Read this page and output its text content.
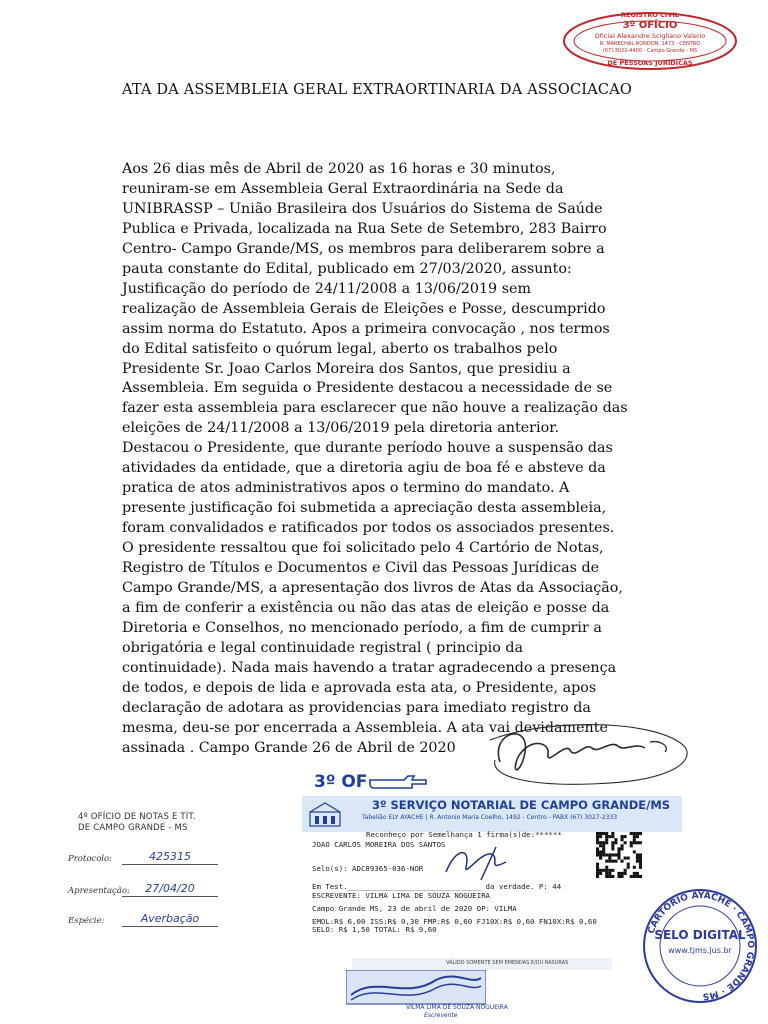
ATA DA ASSEMBLEIA GERAL EXTRAORTINARIA DA ASSOCIACAO
Aos 26 dias mês de Abril de 2020 as 16 horas e 30 minutos,
reuniram-se em Assembleia Geral Extraordinária na Sede da
UNIBRASSP – União Brasileira dos Usuários do Sistema de Saúde
Publica e Privada, localizada na Rua Sete de Setembro, 283 Bairro
Centro- Campo Grande/MS, os membros para deliberarem sobre a
pauta constante do Edital, publicado em 27/03/2020, assunto:
Justificação do período de 24/11/2008 a 13/06/2019 sem
realização de Assembleia Gerais de Eleições e Posse, descumprido
assim norma do Estatuto. Apos a primeira convocação , nos termos
do Edital satisfeito o quórum legal, aberto os trabalhos pelo
Presidente Sr. Joao Carlos Moreira dos Santos, que presidiu a
Assembleia. Em seguida o Presidente destacou a necessidade de se
fazer esta assembleia para esclarecer que não houve a realização das
eleições de 24/11/2008 a 13/06/2019 pela diretoria anterior.
Destacou o Presidente, que durante período houve a suspensão das
atividades da entidade, que a diretoria agiu de boa fé e absteve da
pratica de atos administrativos apos o termino do mandato. A
presente justificação foi submetida a apreciação desta assembleia,
foram convalidados e ratificados por todos os associados presentes.
O presidente ressaltou que foi solicitado pelo 4 Cartório de Notas,
Registro de Títulos e Documentos e Civil das Pessoas Jurídicas de
Campo Grande/MS, a apresentação dos livros de Atas da Associação,
a fim de conferir a existência ou não das atas de eleição e posse da
Diretoria e Conselhos, no mencionado período, a fim de cumprir a
obrigatória e legal continuidade registral ( principio da
continuidade). Nada mais havendo a tratar agradecendo a presença
de todos, e depois de lida e aprovada esta ata, o Presidente, apos
declaração de adotara as providencias para imediato registro da
mesma, deu-se por encerrada a Assembleia. A ata vai devidamente
assinada . Campo Grande 26 de Abril de 2020
REGISTRO CIVIL
3º OFÍCIO
Oficial Alexandre Scigliano Valerio
R. MARECHAL RONDON, 1473 - CENTRO
(67) 3022-4400 - Campo Grande - MS
DE PESSOAS JURÍDICAS
3º OF
3º SERVIÇO NOTARIAL DE CAMPO GRANDE/MS
Tabelião ELY AYACHE | R. Antonio Maria Coelho, 1492 - Centro - PABX (67) 3027-2333
Reconheço por Semelhança 1 firma(s)de:******
JOAO CARLOS MOREIRA DOS SANTOS
Selo(s): ADC89365-036-NOR
Em Test.______________________________ da verdade. P: 44
ESCREVENTE: VILMA LIMA DE SOUZA NOGUEIRA
Campo Grande MS, 23 de abril de 2020 OP: VILMA
EMOL:R$ 6,00 ISS:R$ 0,30 FMP:R$ 0,60 FJ10X:R$ 0,60 FN10X:R$ 0,60
SELO: R$ 1,50 TOTAL: R$ 9,60
VÁLIDO SOMENTE SEM EMENDAS E/OU RASURAS
VILMA LIMA DE SOUZA NOGUEIRA
Escrevente
4º OFÍCIO DE NOTAS E TÍT.
DE CAMPO GRANDE - MS
Protocolo:	425315
Apresentação:	27/04/20
Espécie:	Averbação
CARTÓRIO AYACHE · CAMPO GRANDE · MS
SELO DIGITAL
www.tjms.jus.br
